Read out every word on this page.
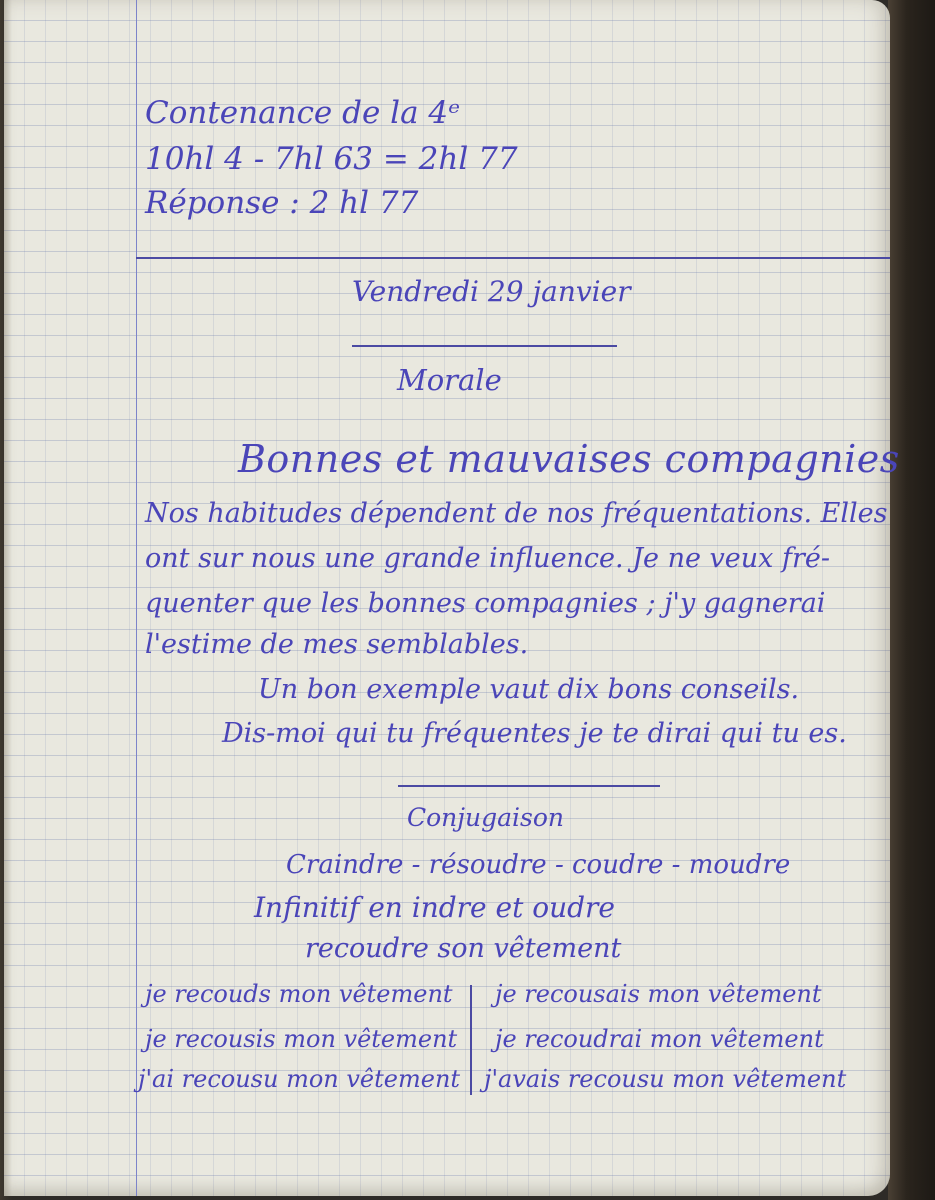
Contenance de la 4ᵉ

10hl 4 - 7hl 63 = 2hl 77

Réponse : 2 hl 77

Vendredi 29 janvier

Morale

Bonnes et mauvaises compagnies

Nos habitudes dépendent de nos fréquentations. Elles

ont sur nous une grande influence. Je ne veux fré-

quenter que les bonnes compagnies ; j'y gagnerai

l'estime de mes semblables.

Un bon exemple vaut dix bons conseils.

Dis-moi qui tu fréquentes je te dirai qui tu es.

Conjugaison

Craindre - résoudre - coudre - moudre

Infinitif en indre et oudre

recoudre son vêtement

je recouds mon vêtement

je recousis mon vêtement

j'ai recousu mon vêtement

je recousais mon vêtement

je recoudrai mon vêtement

j'avais recousu mon vêtement
